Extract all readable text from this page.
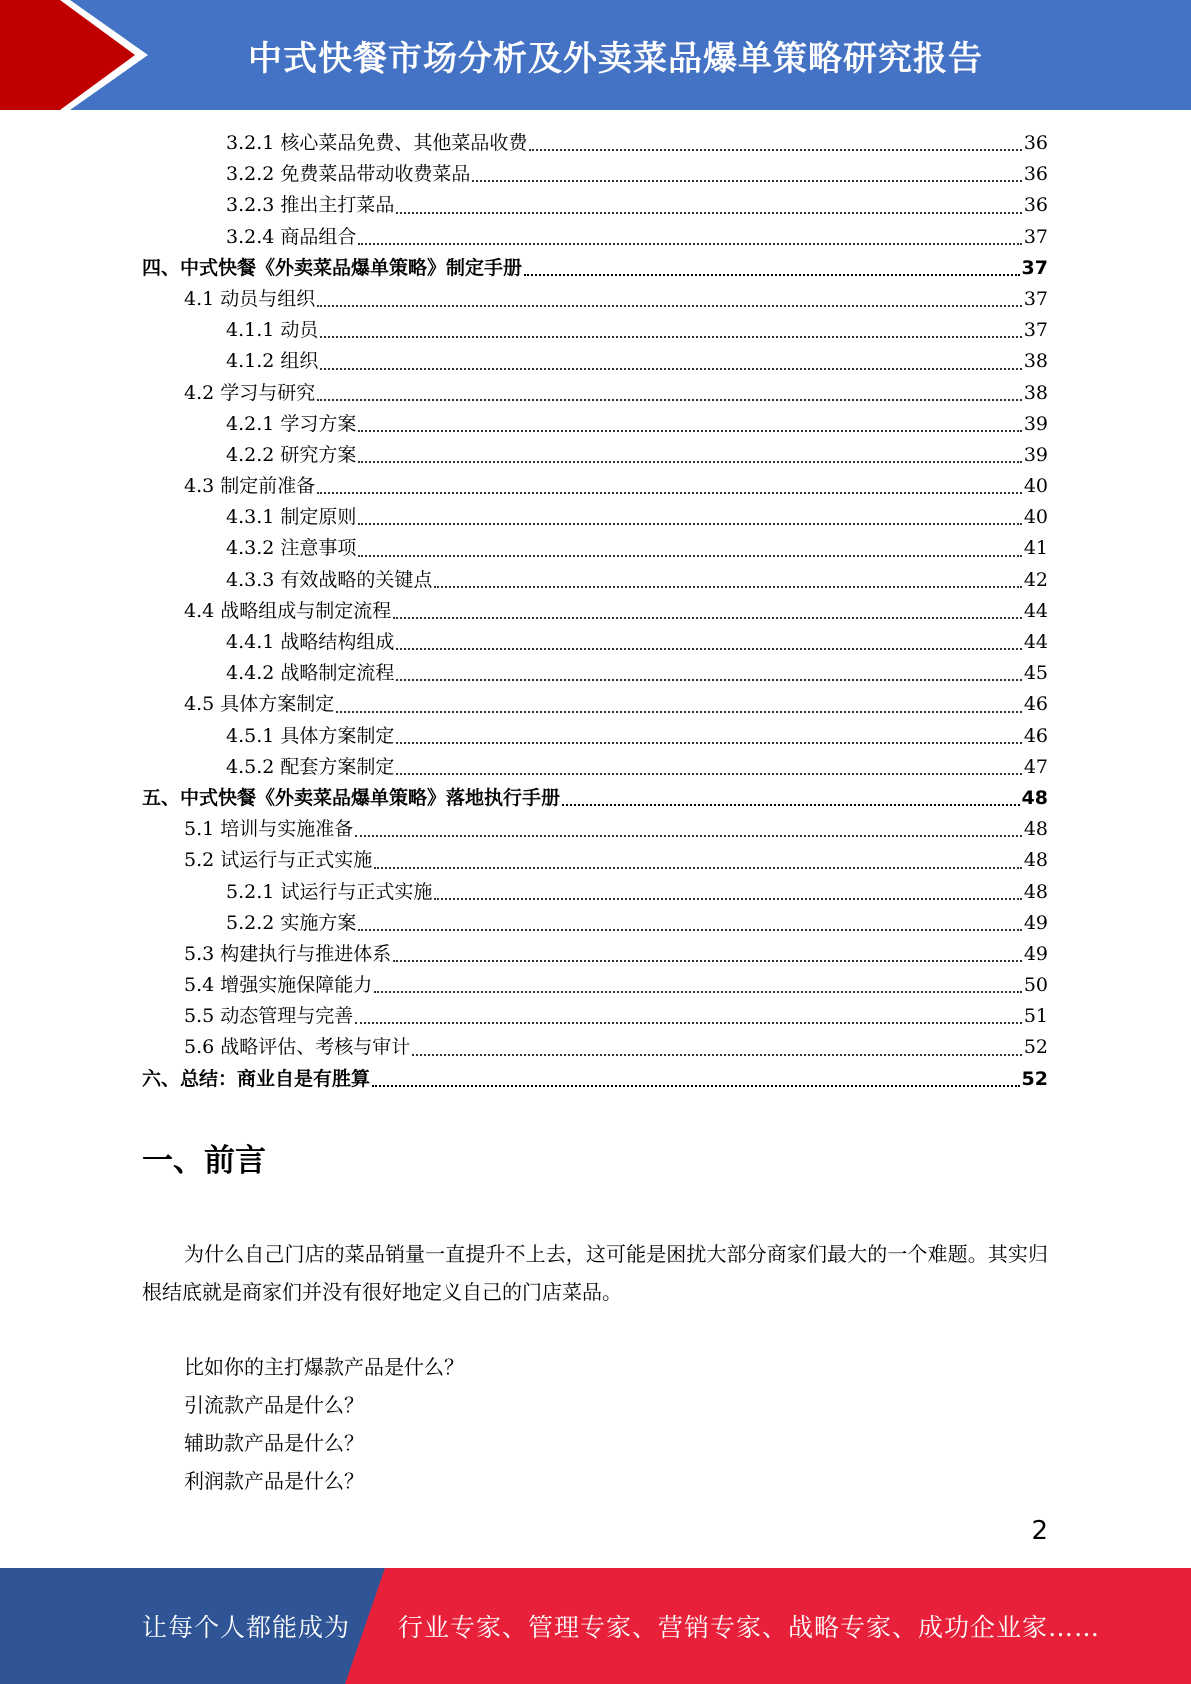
中式快餐市场分析及外卖菜品爆单策略研究报告
3.2.1 核心菜品免费、其他菜品收费	36
3.2.2 免费菜品带动收费菜品	36
3.2.3 推出主打菜品	36
3.2.4 商品组合	37
四、中式快餐《外卖菜品爆单策略》制定手册	37
4.1 动员与组织	37
4.1.1 动员	37
4.1.2 组织	38
4.2 学习与研究	38
4.2.1 学习方案	39
4.2.2 研究方案	39
4.3 制定前准备	40
4.3.1 制定原则	40
4.3.2 注意事项	41
4.3.3 有效战略的关键点	42
4.4 战略组成与制定流程	44
4.4.1 战略结构组成	44
4.4.2 战略制定流程	45
4.5 具体方案制定	46
4.5.1 具体方案制定	46
4.5.2 配套方案制定	47
五、中式快餐《外卖菜品爆单策略》落地执行手册	48
5.1 培训与实施准备	48
5.2 试运行与正式实施	48
5.2.1 试运行与正式实施	48
5.2.2 实施方案	49
5.3 构建执行与推进体系	49
5.4 增强实施保障能力	50
5.5 动态管理与完善	51
5.6 战略评估、考核与审计	52
六、总结：商业自是有胜算	52
一、前言

为什么自己门店的菜品销量一直提升不上去，这可能是困扰大部分商家们最大的一个难题。其实归根结底就是商家们并没有很好地定义自己的门店菜品。

比如你的主打爆款产品是什么？
引流款产品是什么？
辅助款产品是什么？
利润款产品是什么？
2
让每个人都能成为 行业专家、管理专家、营销专家、战略专家、成功企业家……
